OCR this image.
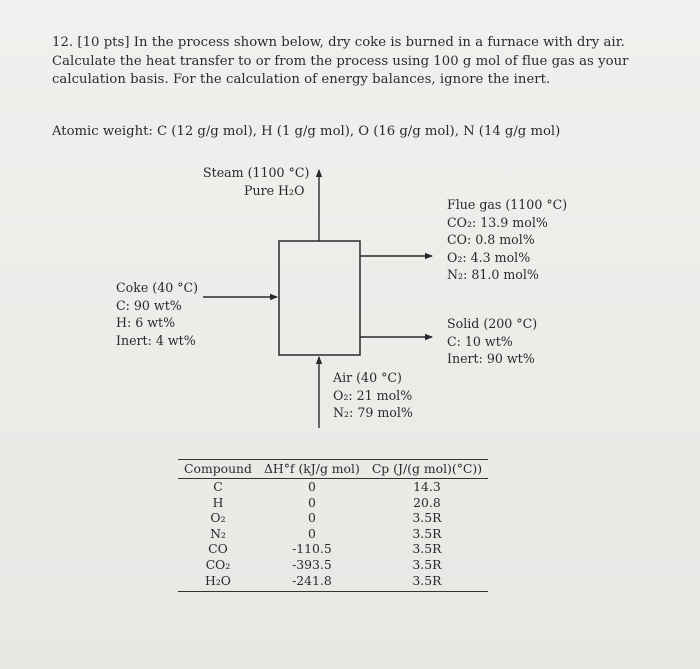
12. [10 pts] In the process shown below, dry coke is burned in a furnace with dry air. Calculate the heat transfer to or from the process using 100 g mol of flue gas as your calculation basis. For the calculation of energy balances, ignore the inert.
Atomic weight: C (12 g/g mol), H (1 g/g mol), O (16 g/g mol), N (14 g/g mol)
Steam (1100 °C)
Pure H₂O
Coke (40 °C)
C: 90 wt%
H: 6 wt%
Inert: 4 wt%
Flue gas (1100 °C)
CO₂: 13.9 mol%
CO: 0.8 mol%
O₂: 4.3 mol%
N₂: 81.0 mol%
Solid (200 °C)
C: 10 wt%
Inert: 90 wt%
Air (40 °C)
O₂: 21 mol%
N₂: 79 mol%
Compound	ΔH°f (kJ/g mol)	Cp (J/(g mol)(°C))
C	0	14.3
H	0	20.8
O₂	0	3.5R
N₂	0	3.5R
CO	-110.5	3.5R
CO₂	-393.5	3.5R
H₂O	-241.8	3.5R
